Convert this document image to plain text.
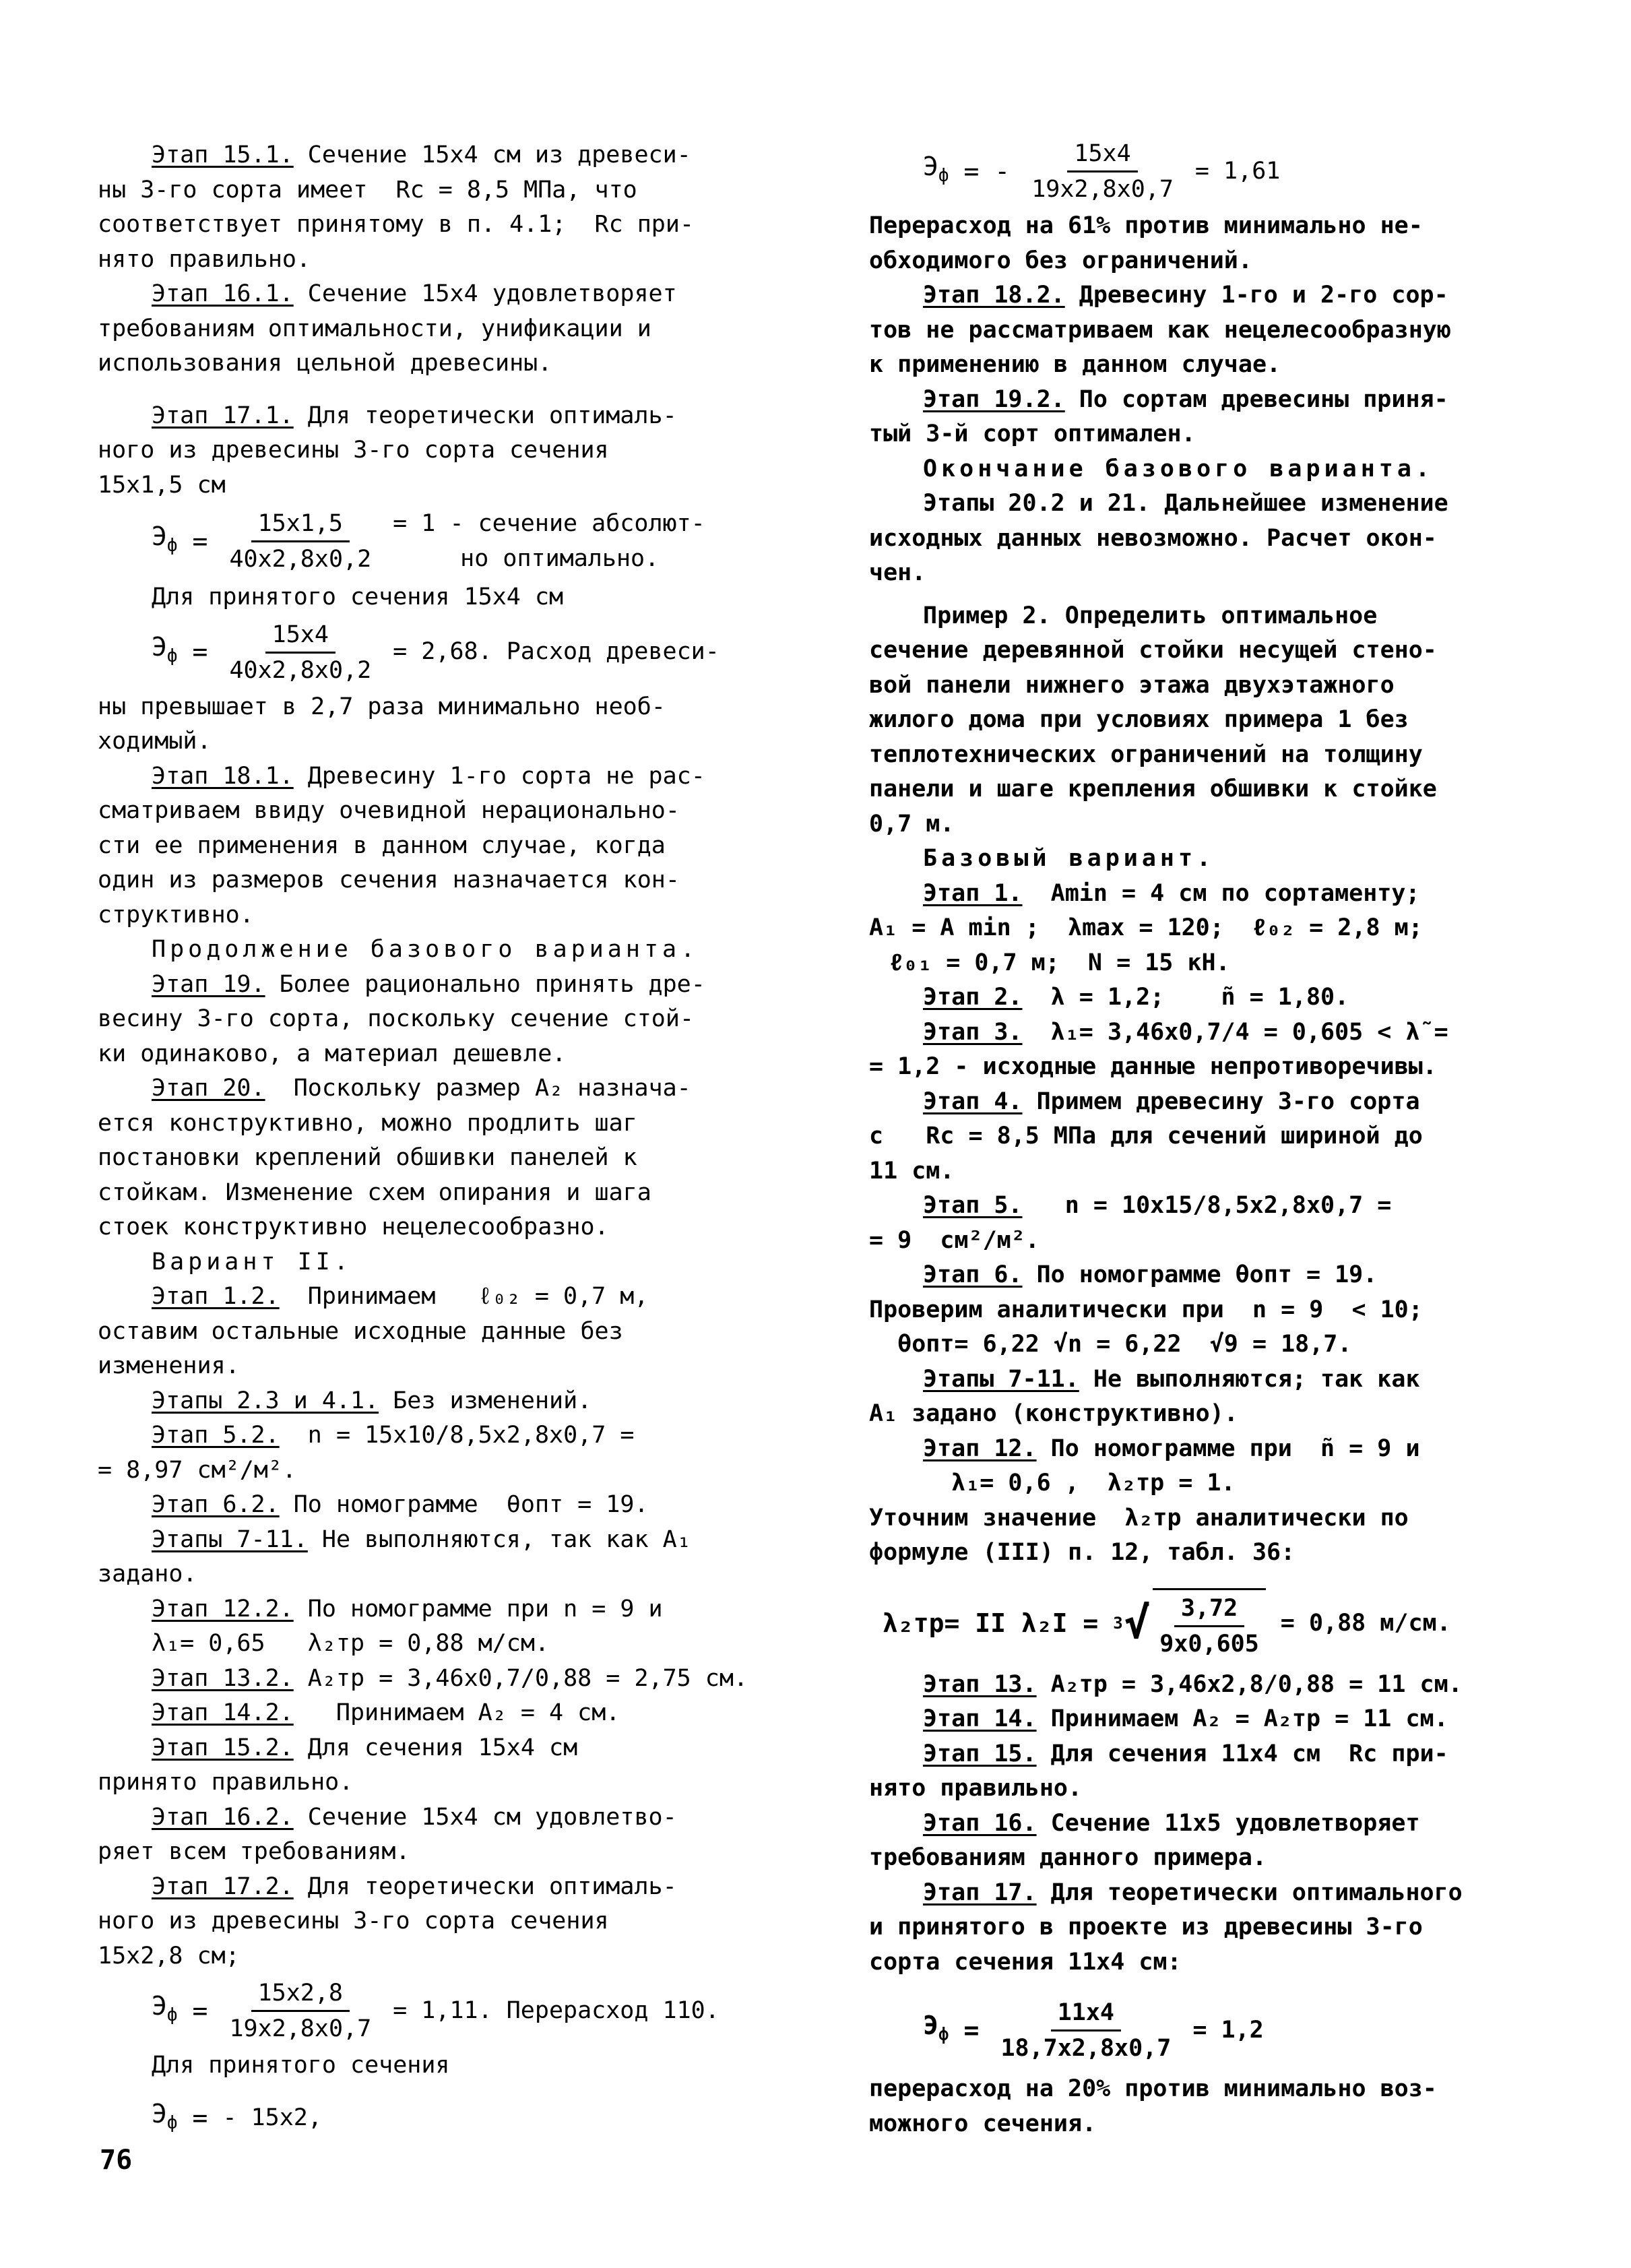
Этап 15.1. Сечение 15х4 см из древеси-
ны 3-го сорта имеет  Rс = 8,5 МПа, что
соответствует принятому в п. 4.1;  Rс при-
нято правильно.
Этап 16.1. Сечение 15х4 удовлетворяет
требованиям оптимальности, унификации и
использования цельной древесины.
Этап 17.1. Для теоретически оптималь-
ного из древесины 3-го сорта сечения
15х1,5 см
$Э_ф = \frac{15х1,5}{40х2,8х0,2} = 1$ - сечение абсолют-
но оптимально.
Для принятого сечения 15х4 см
$Э_ф = \frac{15х4}{40х2,8х0,2} = 2,68$. Расход древеси-
ны превышает в 2,7 раза минимально необ-
ходимый.
Этап 18.1. Древесину 1-го сорта не рас-
сматриваем ввиду очевидной нерациональнo-
сти ее применения в данном случае, когда
один из размеров сечения назначается кон-
структивно.
Продолжение базового варианта.
Этап 19. Более рационально принять дре-
весину 3-го сорта, поскольку сечение стой-
ки одинаково, а материал дешевле.
Этап 20.  Поскольку размер А₂ назнача-
ется конструктивно, можно продлить шаг
постановки креплений обшивки панелей к
стойкам. Изменение схем опирания и шага
стоек конструктивно нецелесообразно.
Вариант II.
Этап 1.2.  Принимаем   ℓ₀₂ = 0,7 м,
оставим остальные исходные данные без
изменения.
Этапы 2.3 и 4.1. Без изменений.
Этап 5.2.  n = 15х10/8,5х2,8х0,7 =
= 8,97 см²/м².
Этап 6.2. По номограмме  θопт = 19.
Этапы 7-11. Не выполняются, так как А₁
задано.
Этап 12.2. По номограмме при n = 9 и
λ₁= 0,65   λ₂тр = 0,88 м/см.
Этап 13.2. А₂тр = 3,46х0,7/0,88 = 2,75 см.
Этап 14.2.   Принимаем А₂ = 4 см.
Этап 15.2. Для сечения 15х4 см
принято правильно.
Этап 16.2. Сечение 15х4 см удовлетво-
ряет всем требованиям.
Этап 17.2. Для теоретически оптималь-
ного из древесины 3-го сорта сечения
15х2,8 см;
$Э_ф = \frac{15х2,8}{19х2,8х0,7} = 1,11$. Перерасход 110.
Для принятого сечения
$Э_ф$ = - 15х2,
$Э_ф$ = - $\frac{15х4}{19х2,8х0,7} = 1,61$
Перерасход на 61% против минимально не-
обходимого без ограничений.
Этап 18.2. Древесину 1-го и 2-го сор-
тов не рассматриваем как нецелесообразную
к применению в данном случае.
Этап 19.2. По сортам древесины приня-
тый 3-й сорт оптимален.
Окончание базового варианта.
Этапы 20.2 и 21. Дальнейшее изменение
исходных данных невозможно. Расчет окон-
чен.
Пример 2. Определить оптимальное
сечение деревянной стойки несущей стено-
вой панели нижнего этажа двухэтажного
жилого дома при условиях примера 1 без
теплотехнических ограничений на толщину
панели и шаге крепления обшивки к стойке
0,7 м.
Базовый вариант.
Этап 1.  Аmin = 4 см по сортаменту;
А₁ = А min ;  λmax = 120;  ℓ₀₂ = 2,8 м;
ℓ₀₁ = 0,7 м;  N = 15 кН.
Этап 2.  λ = 1,2;    ñ = 1,80.
Этап 3.  λ₁= 3,46х0,7/4 = 0,605 < λ̃ =
= 1,2 - исходные данные непротиворечивы.
Этап 4. Примем древесину 3-го сорта
с   Rс = 8,5 МПа для сечений шириной до
11 см.
Этап 5.   n = 10х15/8,5х2,8х0,7 =
= 9  см²/м².
Этап 6. По номограмме θопт = 19.
Проверим аналитически при  n = 9  < 10;
θопт= 6,22 √n = 6,22  √9 = 18,7.
Этапы 7-11. Не выполняются; так как
А₁ задано (конструктивно).
Этап 12. По номограмме при  ñ = 9 и
λ₁= 0,6 ,  λ₂тр = 1.
Уточним значение  λ₂тр аналитически по
формуле (III) п. 12, табл. 36:
λ₂тр= II λ₂I = 3 √ $\frac{3,72}{9х0,605} = 0,88$ м/см.
Этап 13. А₂тр = 3,46х2,8/0,88 = 11 см.
Этап 14. Принимаем А₂ = А₂тр = 11 см.
Этап 15. Для сечения 11х4 см  Rс при-
нято правильно.
Этап 16. Сечение 11х5 удовлетворяет
требованиям данного примера.
Этап 17. Для теоретически оптимального
и принятого в проекте из древесины 3-го
сорта сечения 11х4 см:
$Э_ф = \frac{11х4}{18,7х2,8х0,7} = 1,2$
перерасход на 20% против минимально воз-
можного сечения.
76
